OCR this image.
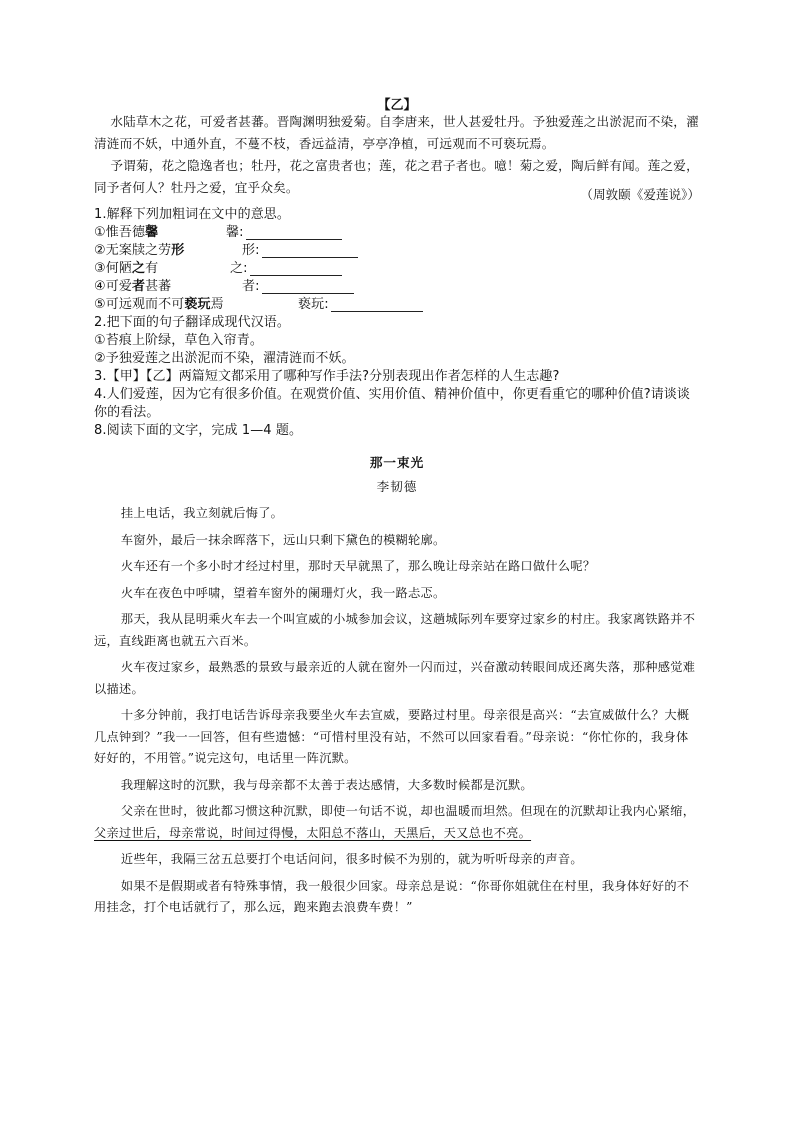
【乙】

水陆草木之花，可爱者甚蕃。晋陶渊明独爱菊。自李唐来，世人甚爱牡丹。予独爱莲之出淤泥而不染，濯清涟而不妖，中通外直，不蔓不枝，香远益清，亭亭净植，可远观而不可亵玩焉。

予谓菊，花之隐逸者也；牡丹，花之富贵者也；莲，花之君子者也。噫！菊之爱，陶后鲜有闻。莲之爱，同予者何人？牡丹之爱，宜乎众矣。	（周敦颐《爱莲说》）

1.解释下列加粗词在文中的意思。

①惟吾德馨	馨:
②无案牍之劳形	形:
③何陋之有	之:
④可爱者甚蕃	者:
⑤可远观而不可亵玩焉	亵玩:

2.把下面的句子翻译成现代汉语。

①苔痕上阶绿，草色入帘青。

②予独爱莲之出淤泥而不染，濯清涟而不妖。

3.【甲】【乙】两篇短文都采用了哪种写作手法?分别表现出作者怎样的人生志趣?

4.人们爱莲，因为它有很多价值。在观赏价值、实用价值、精神价值中，你更看重它的哪种价值?请谈谈你的看法。

8.阅读下面的文字，完成 1—4 题。

那一束光
李韧德

挂上电话，我立刻就后悔了。

车窗外，最后一抹余晖落下，远山只剩下黛色的模糊轮廓。

火车还有一个多小时才经过村里，那时天早就黑了，那么晚让母亲站在路口做什么呢？

火车在夜色中呼啸，望着车窗外的阑珊灯火，我一路忐忑。

那天，我从昆明乘火车去一个叫宣威的小城参加会议，这趟城际列车要穿过家乡的村庄。我家离铁路并不远，直线距离也就五六百米。

火车夜过家乡，最熟悉的景致与最亲近的人就在窗外一闪而过，兴奋激动转眼间成还离失落，那种感觉难以描述。

十多分钟前，我打电话告诉母亲我要坐火车去宣威，要路过村里。母亲很是高兴：“去宣威做什么？大概几点钟到？”我一一回答，但有些遗憾：“可惜村里没有站，不然可以回家看看。”母亲说：“你忙你的，我身体好好的，不用管。”说完这句，电话里一阵沉默。

我理解这时的沉默，我与母亲都不太善于表达感情，大多数时候都是沉默。

父亲在世时，彼此都习惯这种沉默，即使一句话不说，却也温暖而坦然。但现在的沉默却让我内心紧缩，父亲过世后，母亲常说，时间过得慢，太阳总不落山，天黑后，天又总也不亮。

近些年，我隔三岔五总要打个电话问问，很多时候不为别的，就为听听母亲的声音。

如果不是假期或者有特殊事情，我一般很少回家。母亲总是说：“你哥你姐就住在村里，我身体好好的不用挂念，打个电话就行了，那么远，跑来跑去浪费车费！”
